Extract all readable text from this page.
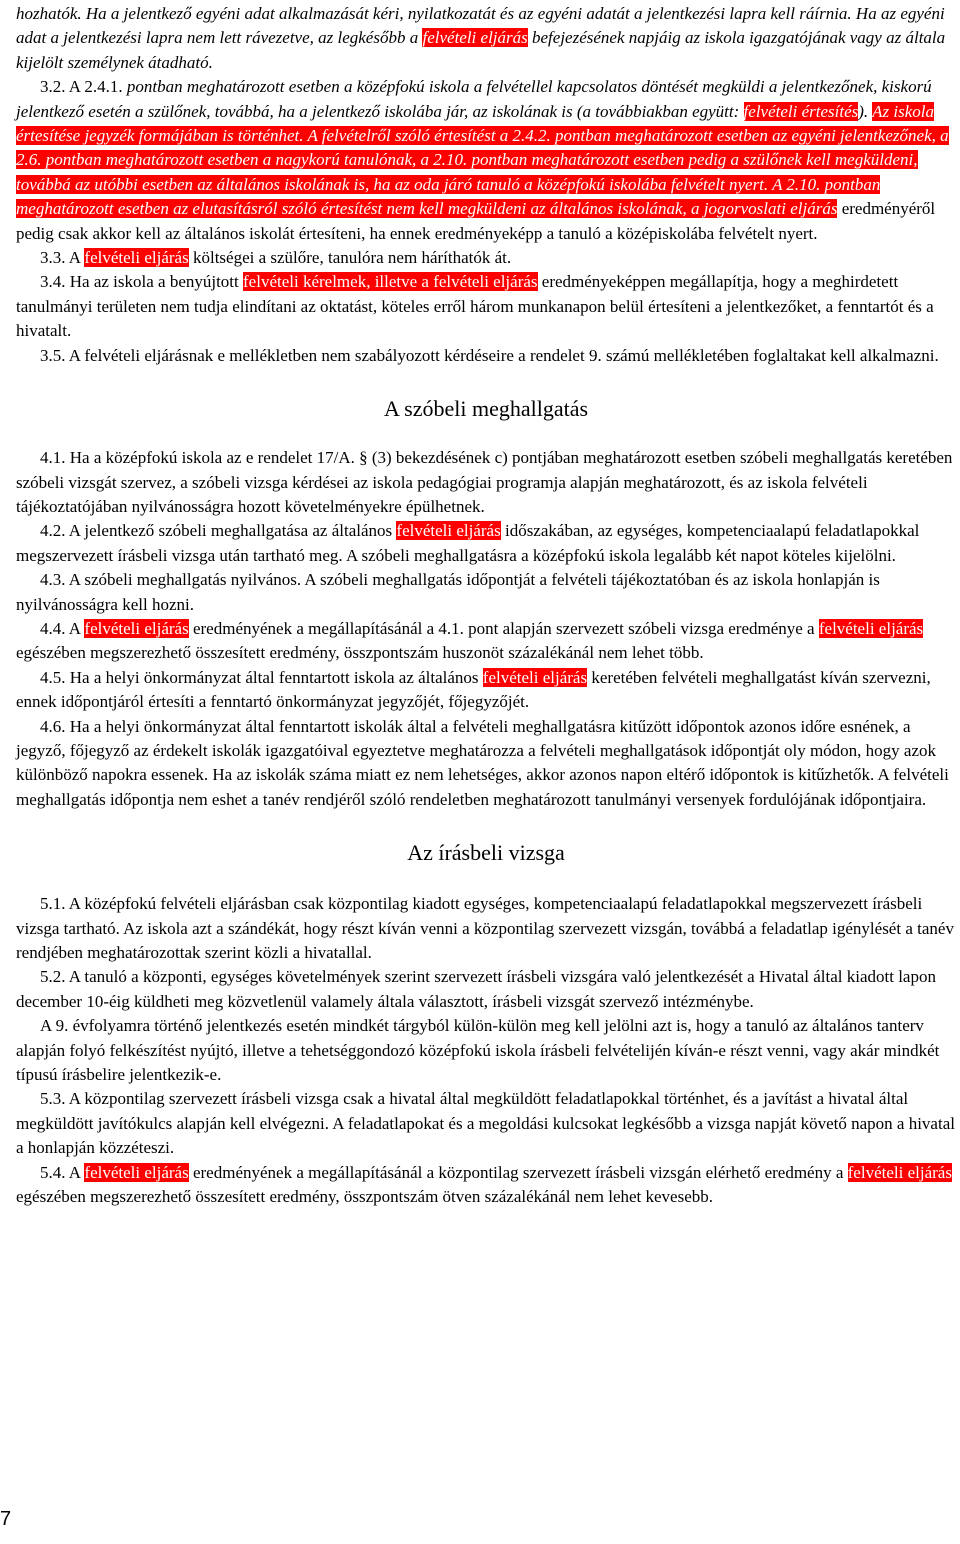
hozhatók. Ha a jelentkező egyéni adat alkalmazását kéri, nyilatkozatát és az egyéni adatát a jelentkezési lapra kell ráírnia. Ha az egyéni adat a jelentkezési lapra nem lett rávezetve, az legkésőbb a felvételi eljárás befejezésének napjáig az iskola igazgatójának vagy az általa kijelölt személynek átadható.

3.2. A 2.4.1. pontban meghatározott esetben a középfokú iskola a felvétellel kapcsolatos döntését megküldi a jelentkezőnek, kiskorú jelentkező esetén a szülőnek, továbbá, ha a jelentkező iskolába jár, az iskolának is (a továbbiakban együtt: felvételi értesítés). Az iskola értesítése jegyzék formájában is történhet. A felvételről szóló értesítést a 2.4.2. pontban meghatározott esetben az egyéni jelentkezőnek, a 2.6. pontban meghatározott esetben a nagykorú tanulónak, a 2.10. pontban meghatározott esetben pedig a szülőnek kell megküldeni, továbbá az utóbbi esetben az általános iskolának is, ha az oda járó tanuló a középfokú iskolába felvételt nyert. A 2.10. pontban meghatározott esetben az elutasításról szóló értesítést nem kell megküldeni az általános iskolának, a jogorvoslati eljárás eredményéről pedig csak akkor kell az általános iskolát értesíteni, ha ennek eredményeképp a tanuló a középiskolába felvételt nyert.

3.3. A felvételi eljárás költségei a szülőre, tanulóra nem háríthatók át.

3.4. Ha az iskola a benyújtott felvételi kérelmek, illetve a felvételi eljárás eredményeképpen megállapítja, hogy a meghirdetett tanulmányi területen nem tudja elindítani az oktatást, köteles erről három munkanapon belül értesíteni a jelentkezőket, a fenntartót és a hivatalt.

3.5. A felvételi eljárásnak e mellékletben nem szabályozott kérdéseire a rendelet 9. számú mellékletében foglaltakat kell alkalmazni.

A szóbeli meghallgatás

4.1. Ha a középfokú iskola az e rendelet 17/A. § (3) bekezdésének c) pontjában meghatározott esetben szóbeli meghallgatás keretében szóbeli vizsgát szervez, a szóbeli vizsga kérdései az iskola pedagógiai programja alapján meghatározott, és az iskola felvételi tájékoztatójában nyilvánosságra hozott követelményekre épülhetnek.

4.2. A jelentkező szóbeli meghallgatása az általános felvételi eljárás időszakában, az egységes, kompetenciaalapú feladatlapokkal megszervezett írásbeli vizsga után tartható meg. A szóbeli meghallgatásra a középfokú iskola legalább két napot köteles kijelölni.

4.3. A szóbeli meghallgatás nyilvános. A szóbeli meghallgatás időpontját a felvételi tájékoztatóban és az iskola honlapján is nyilvánosságra kell hozni.

4.4. A felvételi eljárás eredményének a megállapításánál a 4.1. pont alapján szervezett szóbeli vizsga eredménye a felvételi eljárás egészében megszerezhető összesített eredmény, összpontszám huszonöt százalékánál nem lehet több.

4.5. Ha a helyi önkormányzat által fenntartott iskola az általános felvételi eljárás keretében felvételi meghallgatást kíván szervezni, ennek időpontjáról értesíti a fenntartó önkormányzat jegyzőjét, főjegyzőjét.

4.6. Ha a helyi önkormányzat által fenntartott iskolák által a felvételi meghallgatásra kitűzött időpontok azonos időre esnének, a jegyző, főjegyző az érdekelt iskolák igazgatóival egyeztetve meghatározza a felvételi meghallgatások időpontját oly módon, hogy azok különböző napokra essenek. Ha az iskolák száma miatt ez nem lehetséges, akkor azonos napon eltérő időpontok is kitűzhetők. A felvételi meghallgatás időpontja nem eshet a tanév rendjéről szóló rendeletben meghatározott tanulmányi versenyek fordulójának időpontjaira.

Az írásbeli vizsga

5.1. A középfokú felvételi eljárásban csak központilag kiadott egységes, kompetenciaalapú feladatlapokkal megszervezett írásbeli vizsga tartható. Az iskola azt a szándékát, hogy részt kíván venni a központilag szervezett vizsgán, továbbá a feladatlap igénylését a tanév rendjében meghatározottak szerint közli a hivatallal.

5.2. A tanuló a központi, egységes követelmények szerint szervezett írásbeli vizsgára való jelentkezését a Hivatal által kiadott lapon december 10-éig küldheti meg közvetlenül valamely általa választott, írásbeli vizsgát szervező intézménybe.

A 9. évfolyamra történő jelentkezés esetén mindkét tárgyból külön-külön meg kell jelölni azt is, hogy a tanuló az általános tanterv alapján folyó felkészítést nyújtó, illetve a tehetséggondozó középfokú iskola írásbeli felvételijén kíván-e részt venni, vagy akár mindkét típusú írásbelire jelentkezik-e.

5.3. A központilag szervezett írásbeli vizsga csak a hivatal által megküldött feladatlapokkal történhet, és a javítást a hivatal által megküldött javítókulcs alapján kell elvégezni. A feladatlapokat és a megoldási kulcsokat legkésőbb a vizsga napját követő napon a hivatal a honlapján közzéteszi.

5.4. A felvételi eljárás eredményének a megállapításánál a központilag szervezett írásbeli vizsgán elérhető eredmény a felvételi eljárás egészében megszerezhető összesített eredmény, összpontszám ötven százalékánál nem lehet kevesebb.

7
